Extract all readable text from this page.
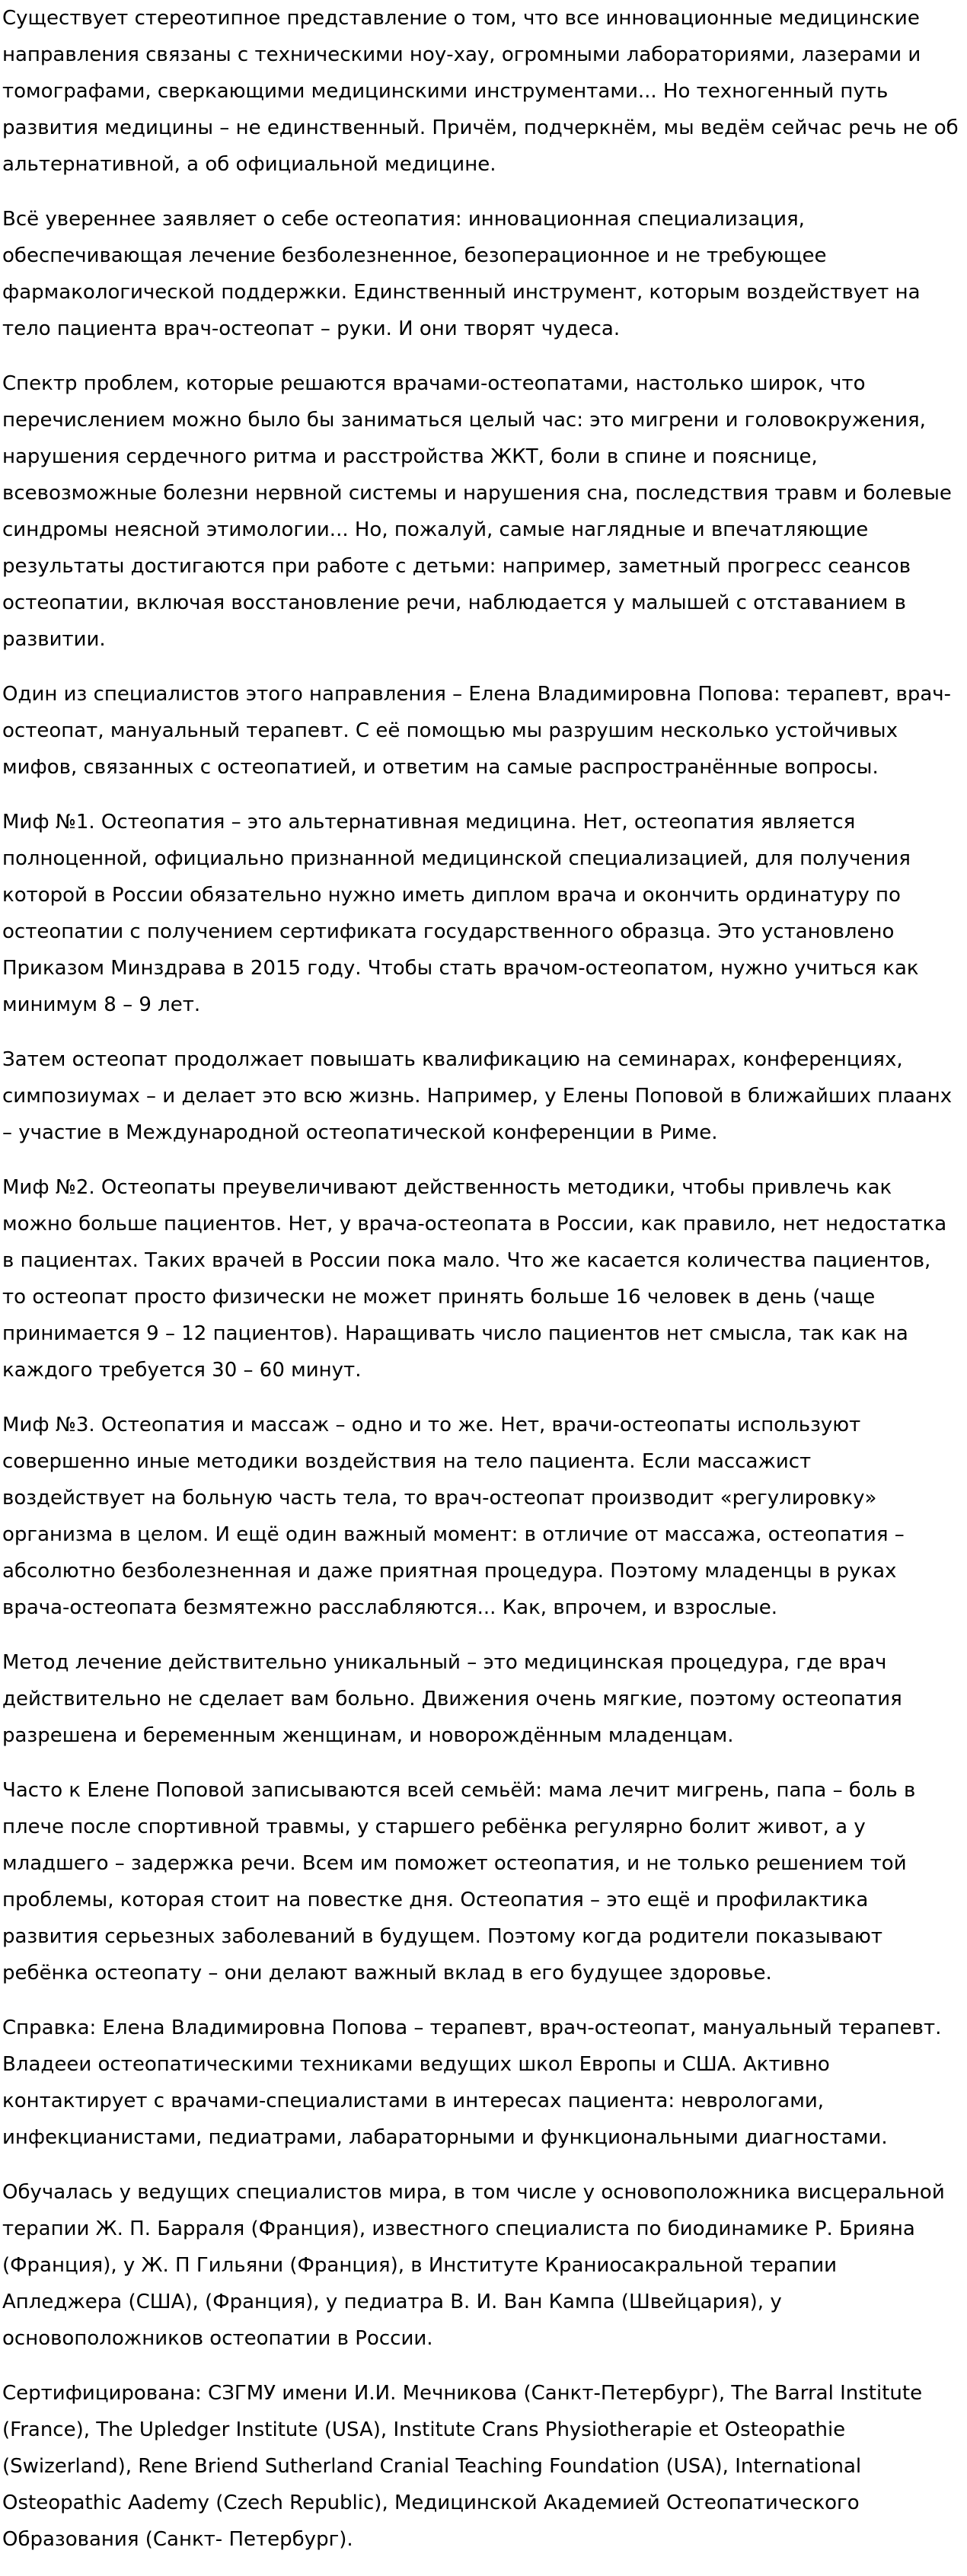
Существует стереотипное представление о том, что все инновационные медицинские направления связаны с техническими ноу-хау, огромными лабораториями, лазерами и томографами, сверкающими медицинскими инструментами... Но техногенный путь развития медицины – не единственный. Причём, подчеркнём, мы ведём сейчас речь не об альтернативной, а об официальной медицине.

Всё увереннее заявляет о себе остеопатия: инновационная специализация, обеспечивающая лечение безболезненное, безоперационное и не требующее фармакологической поддержки. Единственный инструмент, которым воздействует на тело пациента врач-остеопат – руки. И они творят чудеса.

Спектр проблем, которые решаются врачами-остеопатами, настолько широк, что перечислением можно было бы заниматься целый час: это мигрени и головокружения, нарушения сердечного ритма и расстройства ЖКТ, боли в спине и пояснице, всевозможные болезни нервной системы и нарушения сна, последствия травм и болевые синдромы неясной этимологии... Но, пожалуй, самые наглядные и впечатляющие результаты достигаются при работе с детьми: например, заметный прогресс сеансов остеопатии, включая восстановление речи, наблюдается у малышей с отставанием в развитии.

Один из специалистов этого направления – Елена Владимировна Попова: терапевт, врач-остеопат, мануальный терапевт. С её помощью мы разрушим несколько устойчивых мифов, связанных с остеопатией, и ответим на самые распространённые вопросы.

Миф №1. Остеопатия – это альтернативная медицина. Нет, остеопатия является полноценной, официально признанной медицинской специализацией, для получения которой в России обязательно нужно иметь диплом врача и окончить ординатуру по остеопатии с получением сертификата государственного образца. Это установлено Приказом Минздрава в 2015 году. Чтобы стать врачом-остеопатом, нужно учиться как минимум 8 – 9 лет.

Затем остеопат продолжает повышать квалификацию на семинарах, конференциях, симпозиумах – и делает это всю жизнь. Например, у Елены Поповой в ближайших плаанх – участие в Международной остеопатической конференции в Риме.

Миф №2. Остеопаты преувеличивают действенность методики, чтобы привлечь как можно больше пациентов. Нет, у врача-остеопата в России, как правило, нет недостатка в пациентах. Таких врачей в России пока мало. Что же касается количества пациентов, то остеопат просто физически не может принять больше 16 человек в день (чаще принимается 9 – 12 пациентов). Наращивать число пациентов нет смысла, так как на каждого требуется 30 – 60 минут.

Миф №3. Остеопатия и массаж – одно и то же. Нет, врачи-остеопаты используют совершенно иные методики воздействия на тело пациента. Если массажист воздействует на больную часть тела, то врач-остеопат производит «регулировку» организма в целом. И ещё один важный момент: в отличие от массажа, остеопатия – абсолютно безболезненная и даже приятная процедура. Поэтому младенцы в руках врача-остеопата безмятежно расслабляются... Как, впрочем, и взрослые.

Метод лечение действительно уникальный – это медицинская процедура, где врач действительно не сделает вам больно. Движения очень мягкие, поэтому остеопатия разрешена и беременным женщинам, и новорождённым младенцам.

Часто к Елене Поповой записываются всей семьёй: мама лечит мигрень, папа – боль в плече после спортивной травмы, у старшего ребёнка регулярно болит живот, а у младшего – задержка речи. Всем им поможет остеопатия, и не только решением той проблемы, которая стоит на повестке дня. Остеопатия – это ещё и профилактика развития серьезных заболеваний в будущем. Поэтому когда родители показывают ребёнка остеопату – они делают важный вклад в его будущее здоровье.

Справка: Елена Владимировна Попова – терапевт, врач-остеопат, мануальный терапевт. Владееи остеопатическими техниками ведущих школ Европы и США. Активно контактирует с врачами-специалистами в интересах пациента: неврологами, инфекцианистами, педиатрами, лабараторными и функциональными диагностами.

Обучалась у ведущих специалистов мира, в том числе у основоположника висцеральной терапии Ж. П. Барраля (Франция), известного специалиста по биодинамике Р. Брияна (Франция), у Ж. П Гильяни (Франция), в Институте Краниосакральной терапии Апледжера (США), (Франция), у педиатра В. И. Ван Кампа (Швейцария), у основоположников остеопатии в России.

Сертифицирована: СЗГМУ имени И.И. Мечникова (Санкт-Петербург), The Barral Institute (France), The Upledger Institute (USA), Institute Crans Physiotherapie et Osteopathie (Swizerland), Rene Briend Sutherland Cranial Teaching Foundation (USA), International Osteopathic Aademy (Czech Republic), Медицинской Академией Остеопатического Образования (Санкт- Петербург).
